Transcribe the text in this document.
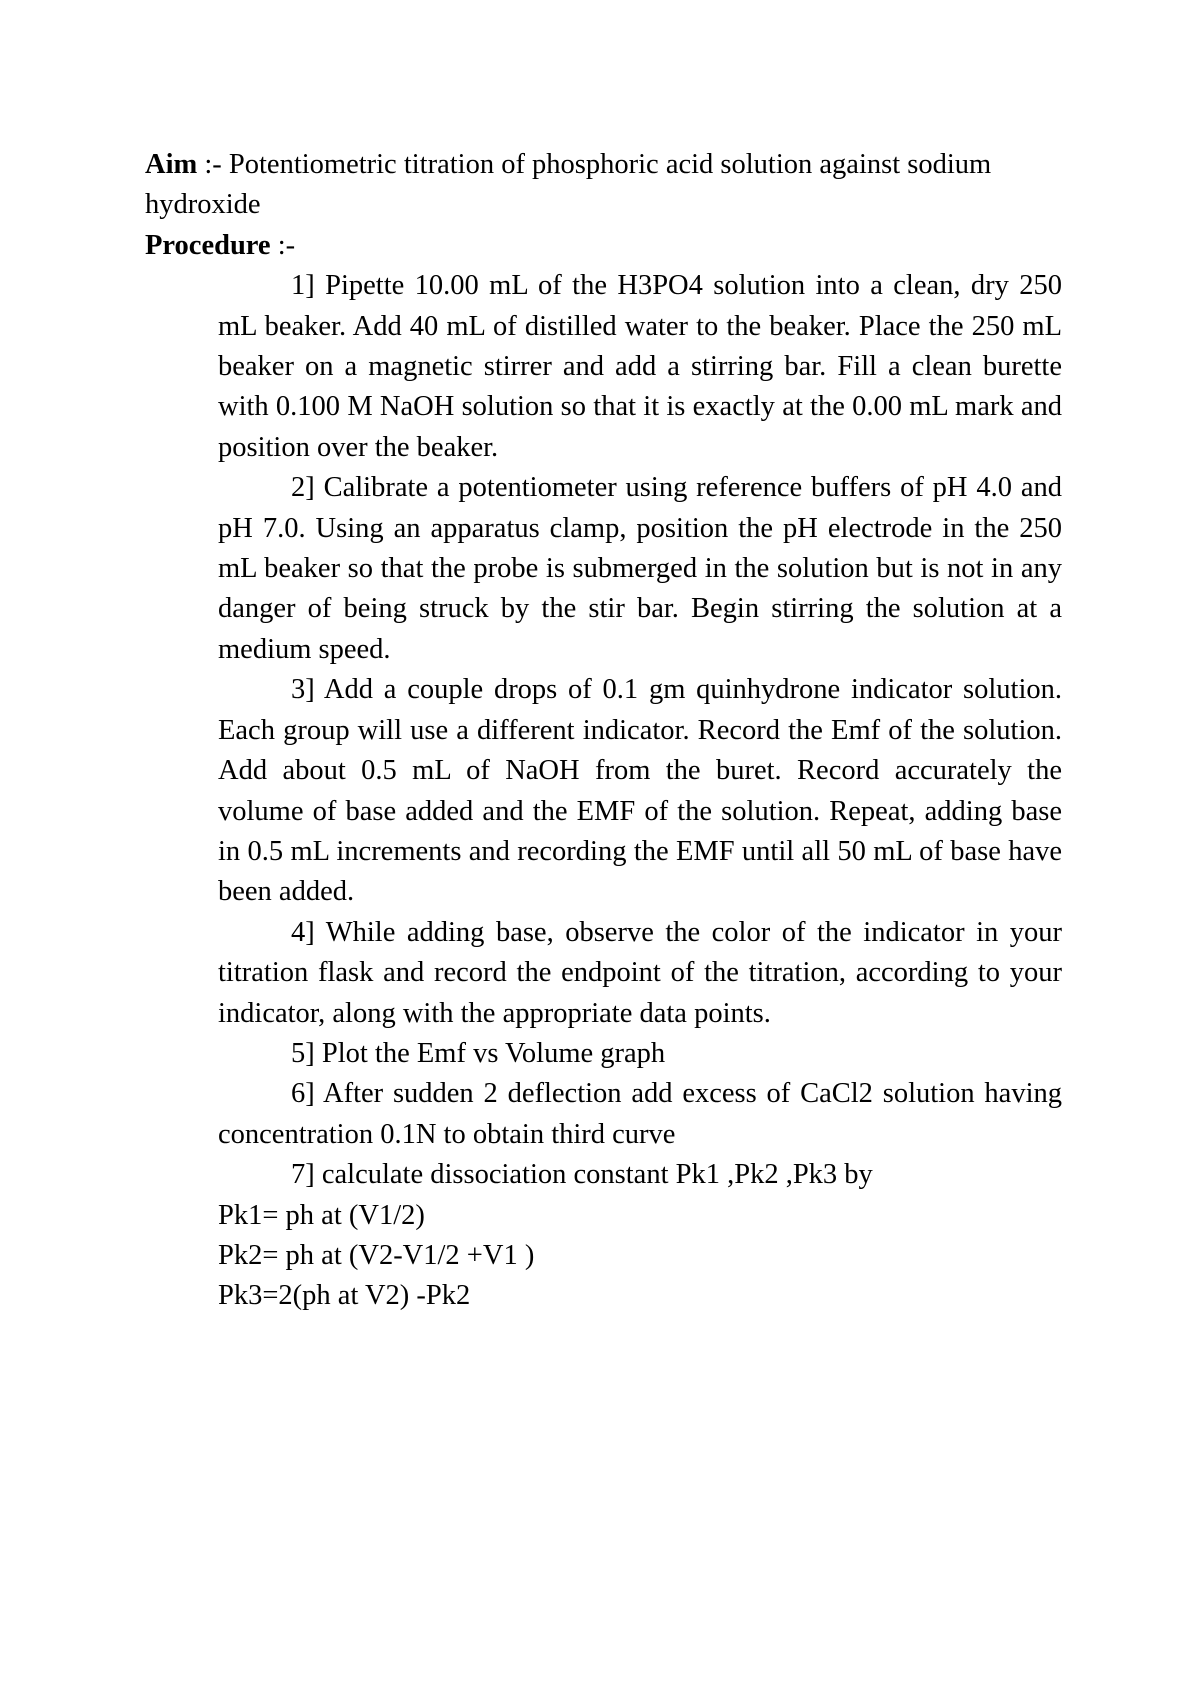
Aim :- Potentiometric titration of phosphoric acid solution against sodium hydroxide

Procedure :-

1] Pipette 10.00 mL of the H3PO4 solution into a clean, dry 250 mL beaker. Add 40 mL of distilled water to the beaker. Place the 250 mL beaker on a magnetic stirrer and add a stirring bar. Fill a clean burette with 0.100 M NaOH solution so that it is exactly at the 0.00 mL mark and position over the beaker.

2] Calibrate a potentiometer using reference buffers of pH 4.0 and pH 7.0. Using an apparatus clamp, position the pH electrode in the 250 mL beaker so that the probe is submerged in the solution but is not in any danger of being struck by the stir bar. Begin stirring the solution at a medium speed.

3] Add a couple drops of 0.1 gm quinhydrone indicator solution. Each group will use a different indicator. Record the Emf of the solution. Add about 0.5 mL of NaOH from the buret. Record accurately the volume of base added and the EMF of the solution. Repeat, adding base in 0.5 mL increments and recording the EMF until all 50 mL of base have been added.

4] While adding base, observe the color of the indicator in your titration flask and record the endpoint of the titration, according to your indicator, along with the appropriate data points.

5] Plot the Emf vs Volume graph

6] After sudden 2 deflection add excess of CaCl2 solution having concentration 0.1N to obtain third curve

7] calculate dissociation constant Pk1 ,Pk2 ,Pk3 by

Pk1= ph at (V1/2)

Pk2= ph at (V2-V1/2 +V1 )

Pk3=2(ph at V2) -Pk2
